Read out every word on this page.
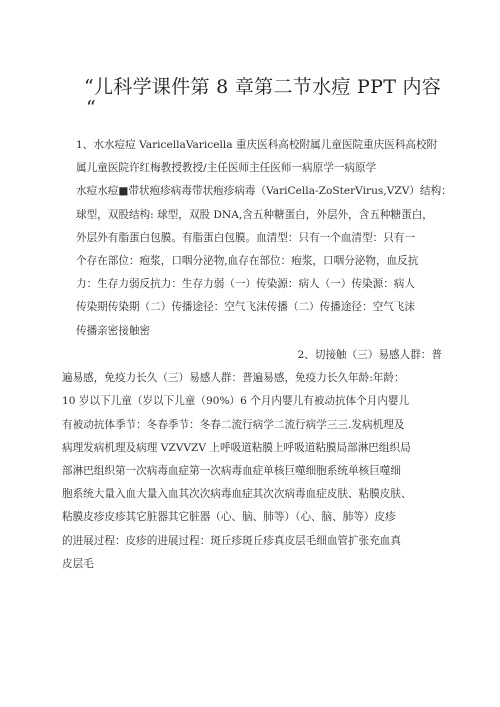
“儿科学课件第 8 章第二节水痘 PPT 内容
“
1、水水痘痘 VaricellaVaricella 重庆医科高校附属儿童医院重庆医科高校附
属儿童医院许红梅教授教授/主任医师主任医师一病原学一病原学
水痘水痘■带状疱疹病毒带状疱疹病毒（VariCella-ZoSterVirus,VZV）结构：
球型，双股结构: 球型，双股 DNA,含五种糖蛋白，外层外，含五种糖蛋白，
外层外有脂蛋白包膜。有脂蛋白包膜。血清型：只有一个血清型：只有一
个存在部位：疱浆，口咽分泌物,血存在部位：疱浆，口咽分泌物，血反抗
力：生存力弱反抗力：生存力弱（一）传染源：病人（一）传染源：病人
传染期传染期（二）传播途径：空气飞沫传播（二）传播途径：空气飞沫
传播亲密接触密
2、切接触（三）易感人群：普
遍易感，免疫力长久（三）易感人群：普遍易感，免疫力长久年龄:年龄：
10 岁以下儿童（岁以下儿童（90%）6 个月内婴儿有被动抗体个月内婴儿
有被动抗体季节：冬春季节：冬春二流行病学二流行病学三三.发病机理及
病理发病机理及病理 VZVVZV 上呼吸道粘膜上呼吸道粘膜局部淋巴组织局
部淋巴组织第一次病毒血症第一次病毒血症单核巨噬细胞系统单核巨噬细
胞系统大量入血大量入血其次次病毒血症其次次病毒血症皮肤、粘膜皮肤、
粘膜皮疹皮疹其它脏器其它脏器（心、脑、肺等）（心、脑、肺等）皮疹
的进展过程：皮疹的进展过程：斑丘疹斑丘疹真皮层毛细血管扩张充血真
皮层毛
